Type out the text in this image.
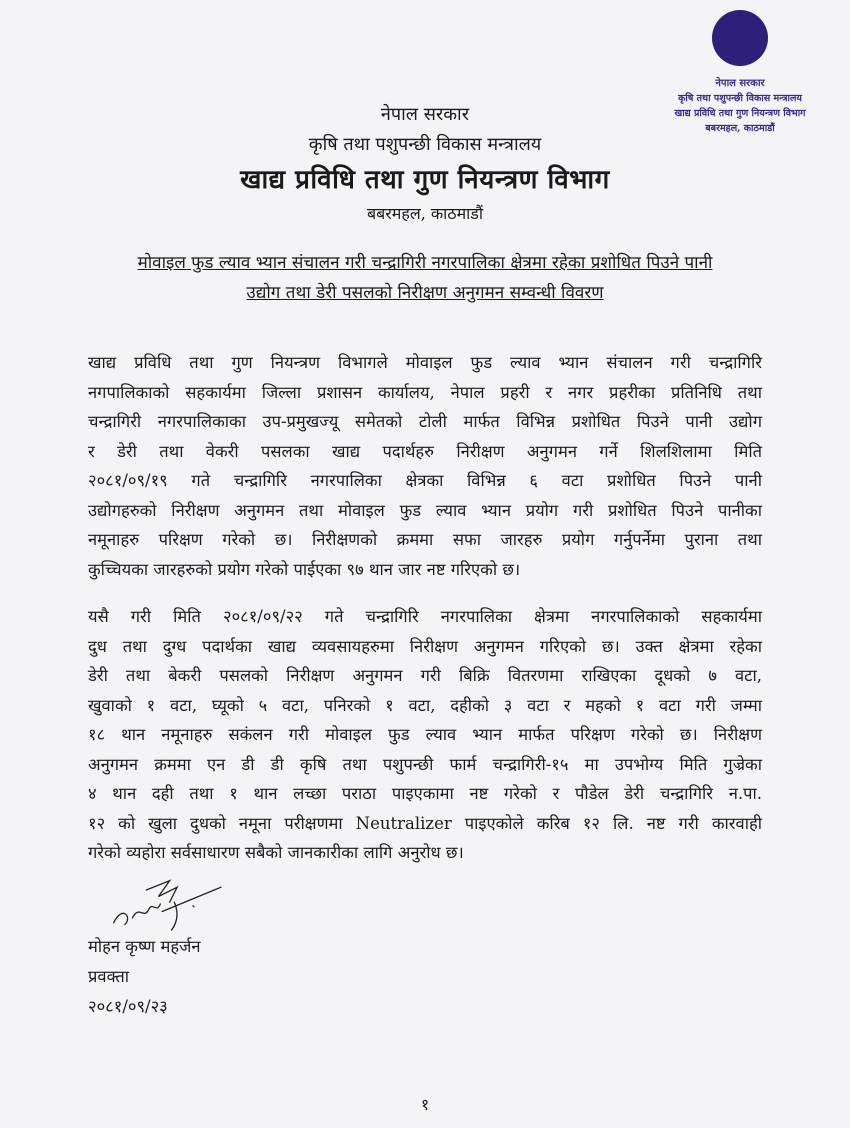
नेपाल सरकार
कृषि तथा पशुपन्छी विकास मन्त्रालय
खाद्य प्रविधि तथा गुण नियन्त्रण विभाग
बबरमहल, काठमाडौं
नेपाल सरकार
कृषि तथा पशुपन्छी विकास मन्त्रालय
खाद्य प्रविधि तथा गुण नियन्त्रण विभाग
बबरमहल, काठमाडौं
मोवाइल फुड ल्याव भ्यान संचालन गरी चन्द्रागिरी नगरपालिका क्षेत्रमा रहेका प्रशोधित पिउने पानी
उद्योग तथा डेरी पसलको निरीक्षण अनुगमन सम्वन्धी विवरण
खाद्य प्रविधि तथा गुण नियन्त्रण विभागले मोवाइल फुड ल्याव भ्यान संचालन गरी चन्द्रागिरि
नगपालिकाको सहकार्यमा जिल्ला प्रशासन कार्यालय, नेपाल प्रहरी र नगर प्रहरीका प्रतिनिधि तथा
चन्द्रागिरी नगरपालिकाका उप-प्रमुखज्यू समेतको टोली मार्फत विभिन्न प्रशोधित पिउने पानी उद्योग
र डेरी तथा वेकरी पसलका खाद्य पदार्थहरु निरीक्षण अनुगमन गर्ने शिलशिलामा मिति
२०८१/०९/१९ गते चन्द्रागिरि नगरपालिका क्षेत्रका विभिन्न ६ वटा प्रशोधित पिउने पानी
उद्योगहरुको निरीक्षण अनुगमन तथा मोवाइल फुड ल्याव भ्यान प्रयोग गरी प्रशोधित पिउने पानीका
नमूनाहरु परिक्षण गरेको छ। निरीक्षणको क्रममा सफा जारहरु प्रयोग गर्नुपर्नेमा पुराना तथा
कुच्चियका जारहरुको प्रयोग गरेको पाईएका ९७ थान जार नष्ट गरिएको छ।
यसै गरी मिति २०८१/०९/२२ गते चन्द्रागिरि नगरपालिका क्षेत्रमा नगरपालिकाको सहकार्यमा
दुध तथा दुग्ध पदार्थका खाद्य व्यवसायहरुमा निरीक्षण अनुगमन गरिएको छ। उक्त क्षेत्रमा रहेका
डेरी तथा बेकरी पसलको निरीक्षण अनुगमन गरी बिक्रि वितरणमा राखिएका दूधको ७ वटा,
खुवाको १ वटा, घ्यूको ५ वटा, पनिरको १ वटा, दहीको ३ वटा र महको १ वटा गरी जम्मा
१८ थान नमूनाहरु सकंलन गरी मोवाइल फुड ल्याव भ्यान मार्फत परिक्षण गरेको छ। निरीक्षण
अनुगमन क्रममा एन डी डी कृषि तथा पशुपन्छी फार्म चन्द्रागिरी-१५ मा उपभोग्य मिति गुज्रेका
४ थान दही तथा १ थान लच्छा पराठा पाइएकामा नष्ट गरेको र पौडेल डेरी चन्द्रागिरि न.पा.
१२ को खुला दुधको नमूना परीक्षणमा Neutralizer पाइएकोले करिब १२ लि. नष्ट गरी कारवाही
गरेको व्यहोरा सर्वसाधारण सबैको जानकारीका लागि अनुरोध छ।
मोहन कृष्ण महर्जन
प्रवक्ता
२०८१/०९/२३
१
